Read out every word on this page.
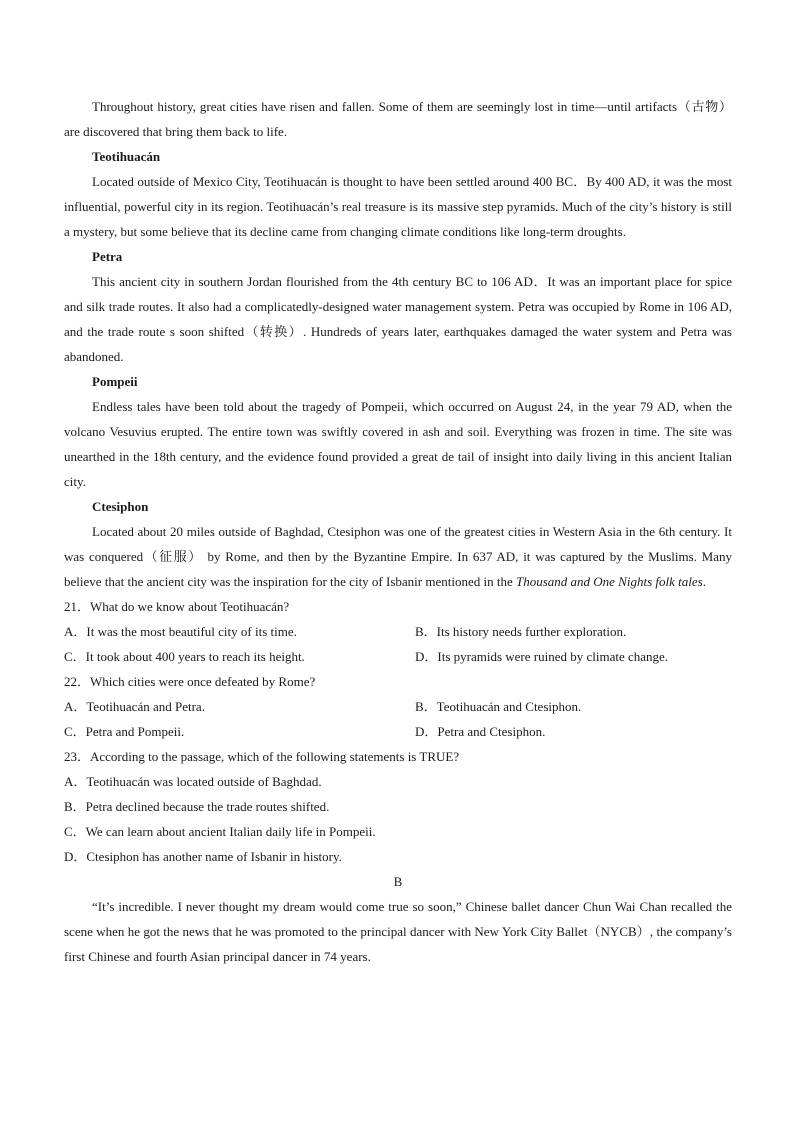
Throughout history, great cities have risen and fallen. Some of them are seemingly lost in time—until artifacts（古物） are discovered that bring them back to life.

Teotihuacán

Located outside of Mexico City, Teotihuacán is thought to have been settled around 400 BC．By 400 AD, it was the most influential, powerful city in its region. Teotihuacán’s real treasure is its massive step pyramids. Much of the city’s history is still a mystery, but some believe that its decline came from changing climate conditions like long-term droughts.

Petra

This ancient city in southern Jordan flourished from the 4th century BC to 106 AD．It was an important place for spice and silk trade routes. It also had a complicatedly-designed water management system. Petra was occupied by Rome in 106 AD, and the trade route s soon shifted（转换）. Hundreds of years later, earthquakes damaged the water system and Petra was abandoned.

Pompeii

Endless tales have been told about the tragedy of Pompeii, which occurred on August 24, in the year 79 AD, when the volcano Vesuvius erupted. The entire town was swiftly covered in ash and soil. Everything was frozen in time. The site was unearthed in the 18th century, and the evidence found provided a great de tail of insight into daily living in this ancient Italian city.

Ctesiphon

Located about 20 miles outside of Baghdad, Ctesiphon was one of the greatest cities in Western Asia in the 6th century. It was conquered（征服） by Rome, and then by the Byzantine Empire. In 637 AD, it was captured by the Muslims. Many believe that the ancient city was the inspiration for the city of Isbanir mentioned in the Thousand and One Nights folk tales.

21．What do we know about Teotihuacán?

A．It was the most beautiful city of its time.	B．Its history needs further exploration.

C．It took about 400 years to reach its height.	D．Its pyramids were ruined by climate change.

22．Which cities were once defeated by Rome?

A．Teotihuacán and Petra.	B．Teotihuacán and Ctesiphon.

C．Petra and Pompeii.	D．Petra and Ctesiphon.

23．According to the passage, which of the following statements is TRUE?

A．Teotihuacán was located outside of Baghdad.

B．Petra declined because the trade routes shifted.

C．We can learn about ancient Italian daily life in Pompeii.

D．Ctesiphon has another name of Isbanir in history.

B

“It’s incredible. I never thought my dream would come true so soon,” Chinese ballet dancer Chun Wai Chan recalled the scene when he got the news that he was promoted to the principal dancer with New York City Ballet（NYCB）, the company’s first Chinese and fourth Asian principal dancer in 74 years.
